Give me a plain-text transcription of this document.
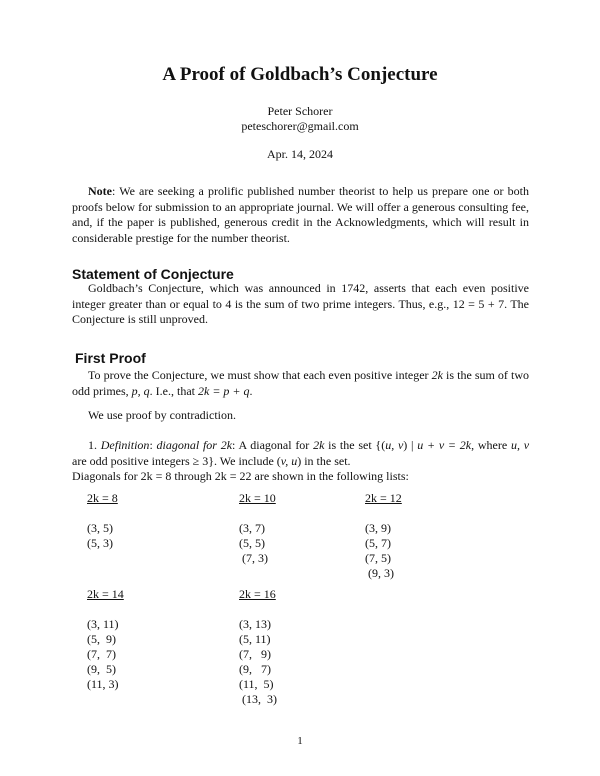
A Proof of Goldbach’s Conjecture
Peter Schorer
peteschorer@gmail.com
Apr. 14, 2024
Note: We are seeking a prolific published number theorist to help us prepare one or both proofs below for submission to an appropriate journal. We will offer a generous consulting fee, and, if the paper is published, generous credit in the Acknowledgments, which will result in considerable prestige for the number theorist.
Statement of Conjecture
Goldbach’s Conjecture, which was announced in 1742, asserts that each even positive integer greater than or equal to 4 is the sum of two prime integers. Thus, e.g., 12 = 5 + 7. The Conjecture is still unproved.
First Proof
To prove the Conjecture, we must show that each even positive integer 2k is the sum of two odd primes, p, q. I.e., that 2k = p + q.
We use proof by contradiction.
1. Definition: diagonal for 2k: A diagonal for 2k is the set {(u, v) | u + v = 2k, where u, v are odd positive integers ≥ 3}. We include (v, u) in the set.
Diagonals for 2k = 8 through 2k = 22 are shown in the following lists:
2k = 8
(3, 5)
(5, 3)
2k = 10
(3, 7)
(5, 5)
(7, 3)
2k = 12
(3, 9)
(5, 7)
(7, 5)
(9, 3)
2k = 14
(3, 11)
(5,  9)
(7,  7)
(9,  5)
(11, 3)
2k = 16
(3, 13)
(5, 11)
(7,   9)
(9,   7)
(11,  5)
(13,  3)
1
